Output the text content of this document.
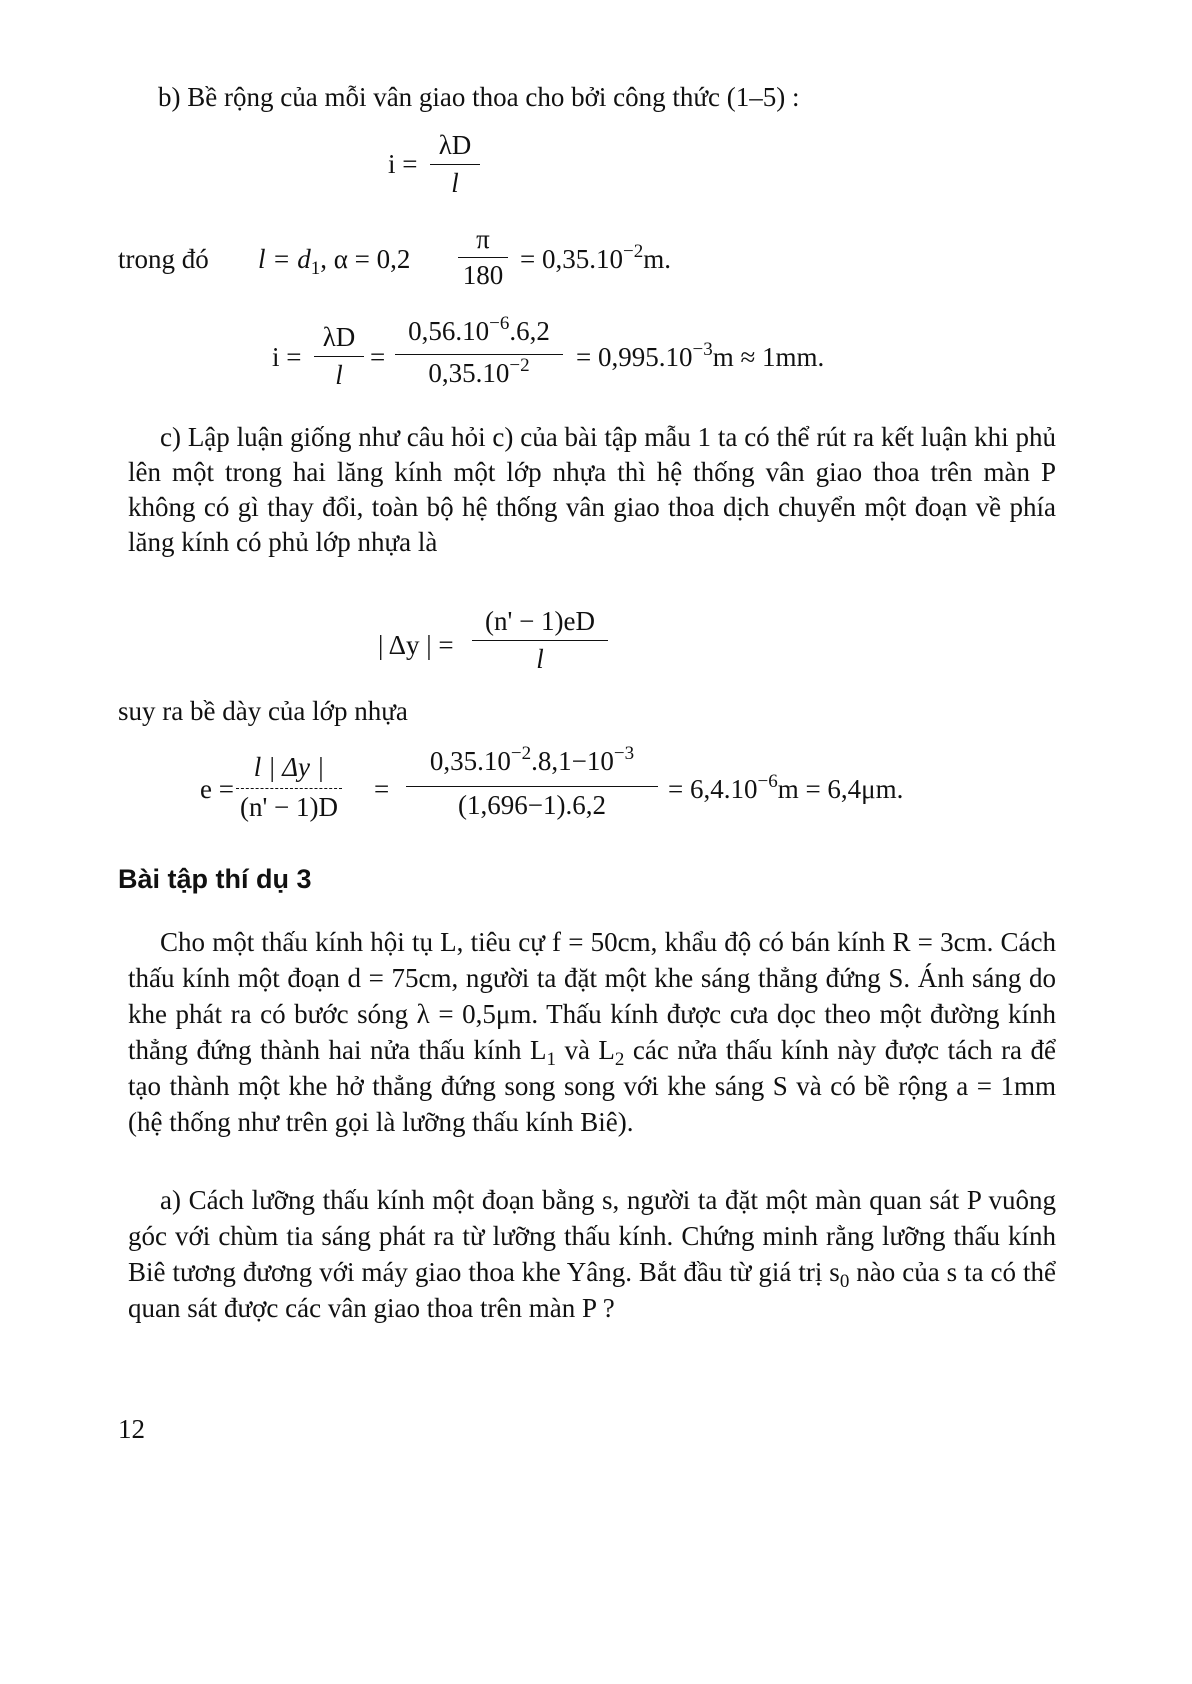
b) Bề rộng của mỗi vân giao thoa cho bởi công thức (1–5) :
i =
λD
l
trong đó $l = d_1$, α = 0,2
π
180
= $0,35.10^{-2}m$.
i =
λD
l
=
$0,56.10^{-6}.6,2$
$0,35.10^{-2}$	= $0,995.10^{-3}m \approx 1mm$.
c) Lập luận giống như câu hỏi c) của bài tập mẫu 1 ta có thể rút ra kết luận khi phủ lên một trong hai lăng kính một lớp nhựa thì hệ thống vân giao thoa trên màn P không có gì thay đổi, toàn bộ hệ thống vân giao thoa dịch chuyển một đoạn về phía lăng kính có phủ lớp nhựa là
| Δy | =
(n' − 1)eD
l
suy ra bề dày của lớp nhựa
e =
l | Δy |
(n' − 1)D
=
$0,35.10^{-2}.8,1-10^{-3}$
(1,696−1).6,2
= $6,4.10^{-6}m = 6,4\mu m$.
Bài tập thí dụ 3
Cho một thấu kính hội tụ L, tiêu cự f = 50cm, khẩu độ có bán kính R = 3cm. Cách thấu kính một đoạn d = 75cm, người ta đặt một khe sáng thẳng đứng S. Ánh sáng do khe phát ra có bước sóng λ = 0,5μm. Thấu kính được cưa dọc theo một đường kính thẳng đứng thành hai nửa thấu kính $L_1$ và $L_2$ các nửa thấu kính này được tách ra để tạo thành một khe hở thẳng đứng song song với khe sáng S và có bề rộng a = 1mm (hệ thống như trên gọi là lưỡng thấu kính Biê).
a) Cách lưỡng thấu kính một đoạn bằng s, người ta đặt một màn quan sát P vuông góc với chùm tia sáng phát ra từ lưỡng thấu kính. Chứng minh rằng lưỡng thấu kính Biê tương đương với máy giao thoa khe Yâng. Bắt đầu từ giá trị $s_0$ nào của s ta có thể quan sát được các vân giao thoa trên màn P ?
12
